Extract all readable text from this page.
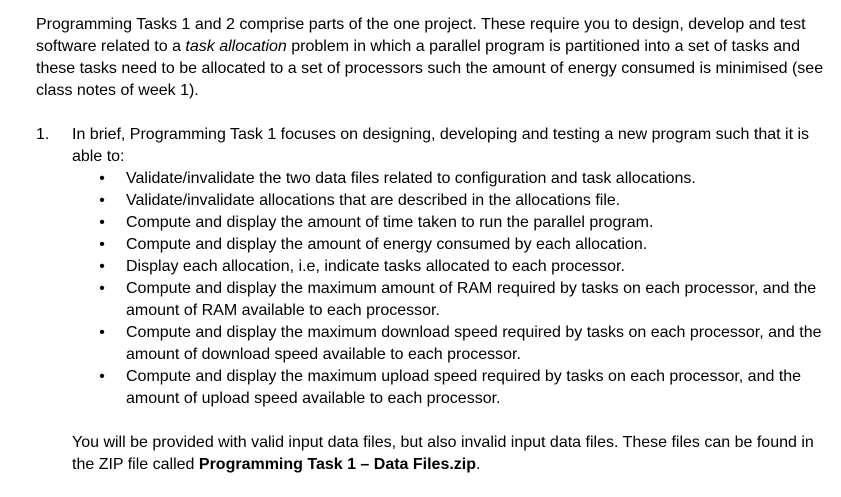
Programming Tasks 1 and 2 comprise parts of the one project. These require you to design, develop and test software related to a task allocation problem in which a parallel program is partitioned into a set of tasks and these tasks need to be allocated to a set of processors such the amount of energy consumed is minimised (see class notes of week 1).

1. In brief, Programming Task 1 focuses on designing, developing and testing a new program such that it is able to:

• Validate/invalidate the two data files related to configuration and task allocations.
• Validate/invalidate allocations that are described in the allocations file.
• Compute and display the amount of time taken to run the parallel program.
• Compute and display the amount of energy consumed by each allocation.
• Display each allocation, i.e, indicate tasks allocated to each processor.
• Compute and display the maximum amount of RAM required by tasks on each processor, and the amount of RAM available to each processor.
• Compute and display the maximum download speed required by tasks on each processor, and the amount of download speed available to each processor.
• Compute and display the maximum upload speed required by tasks on each processor, and the amount of upload speed available to each processor.

You will be provided with valid input data files, but also invalid input data files. These files can be found in the ZIP file called Programming Task 1 – Data Files.zip.
